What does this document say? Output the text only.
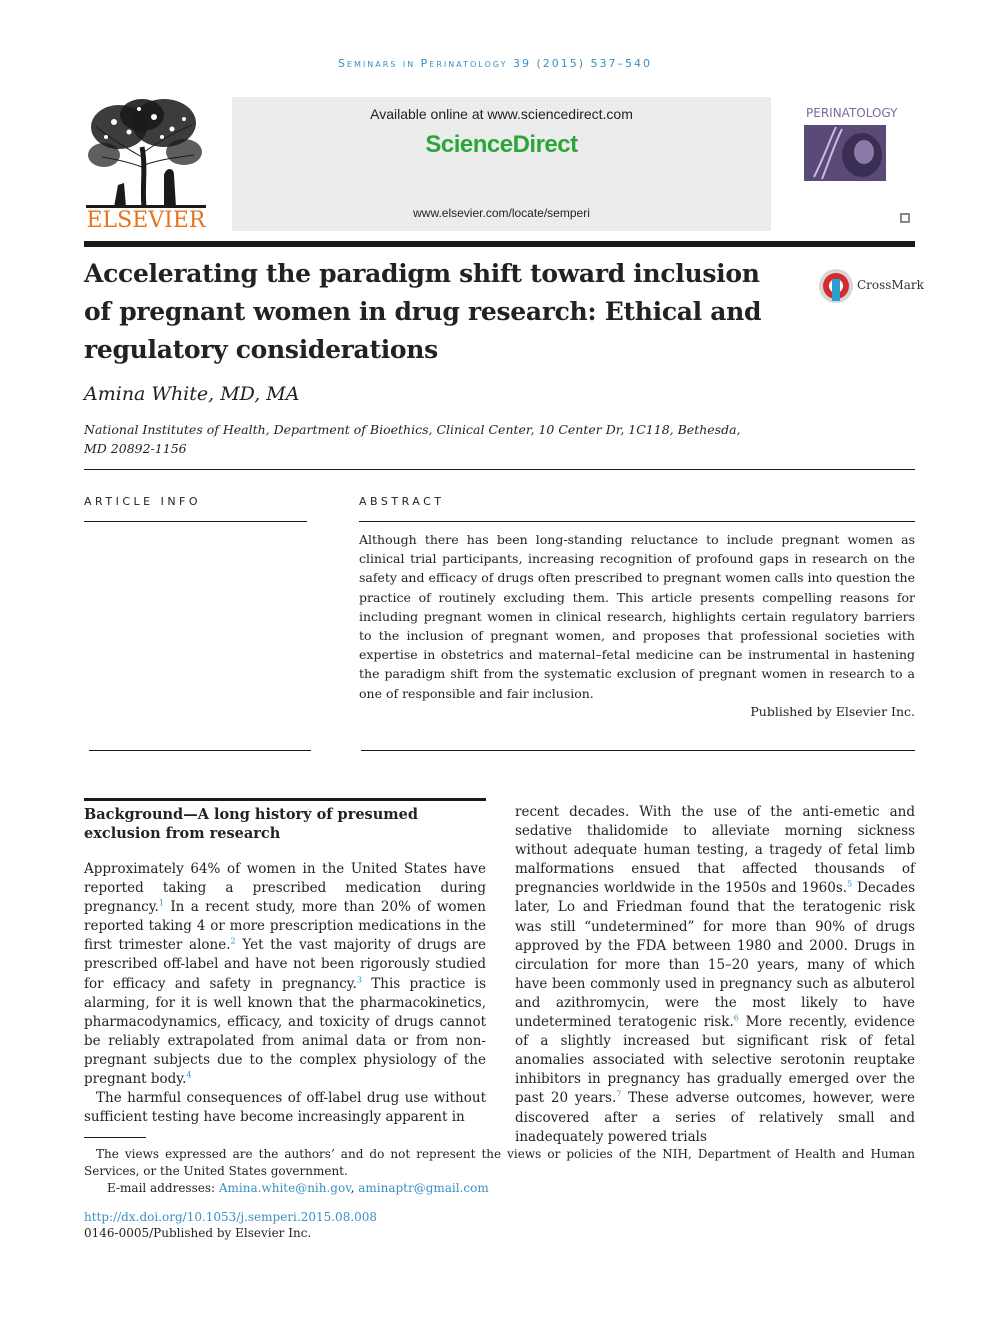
Seminars in Perinatology 39 (2015) 537–540
ELSEVIER
Available online at www.sciencedirect.com
ScienceDirect
www.elsevier.com/locate/semperi
PERINATOLOGY
Accelerating the paradigm shift toward inclusion of pregnant women in drug research: Ethical and regulatory considerations
CrossMark
Amina White, MD, MA
National Institutes of Health, Department of Bioethics, Clinical Center, 10 Center Dr, 1C118, Bethesda, MD 20892-1156
ARTICLE INFO	ABSTRACT
Although there has been long-standing reluctance to include pregnant women as clinical trial participants, increasing recognition of profound gaps in research on the safety and efficacy of drugs often prescribed to pregnant women calls into question the practice of routinely excluding them. This article presents compelling reasons for including pregnant women in clinical research, highlights certain regulatory barriers to the inclusion of pregnant women, and proposes that professional societies with expertise in obstetrics and maternal–fetal medicine can be instrumental in hastening the paradigm shift from the systematic exclusion of pregnant women in research to a one of responsible and fair inclusion.
Published by Elsevier Inc.
Background—A long history of presumed exclusion from research

Approximately 64% of women in the United States have reported taking a prescribed medication during pregnancy.$^1$ In a recent study, more than 20% of women reported taking 4 or more prescription medications in the first trimester alone.$^2$ Yet the vast majority of drugs are prescribed off-label and have not been rigorously studied for efficacy and safety in pregnancy.$^3$ This practice is alarming, for it is well known that the pharmacokinetics, pharmacodynamics, efficacy, and toxicity of drugs cannot be reliably extrapolated from animal data or from non-pregnant subjects due to the complex physiology of the pregnant body.$^4$

The harmful consequences of off-label drug use without sufficient testing have become increasingly apparent in

recent decades. With the use of the anti-emetic and sedative thalidomide to alleviate morning sickness without adequate human testing, a tragedy of fetal limb malformations ensued that affected thousands of pregnancies worldwide in the 1950s and 1960s.$^5$ Decades later, Lo and Friedman found that the teratogenic risk was still “undetermined” for more than 90% of drugs approved by the FDA between 1980 and 2000. Drugs in circulation for more than 15–20 years, many of which have been commonly used in pregnancy such as albuterol and azithromycin, were the most likely to have undetermined teratogenic risk.$^6$ More recently, evidence of a slightly increased but significant risk of fetal anomalies associated with selective serotonin reuptake inhibitors in pregnancy has gradually emerged over the past 20 years.$^7$ These adverse outcomes, however, were discovered after a series of relatively small and inadequately powered trials

The views expressed are the authors’ and do not represent the views or policies of the NIH, Department of Health and Human Services, or the United States government.
E-mail addresses: Amina.white@nih.gov, aminaptr@gmail.com
http://dx.doi.org/10.1053/j.semperi.2015.08.008
0146-0005/Published by Elsevier Inc.
